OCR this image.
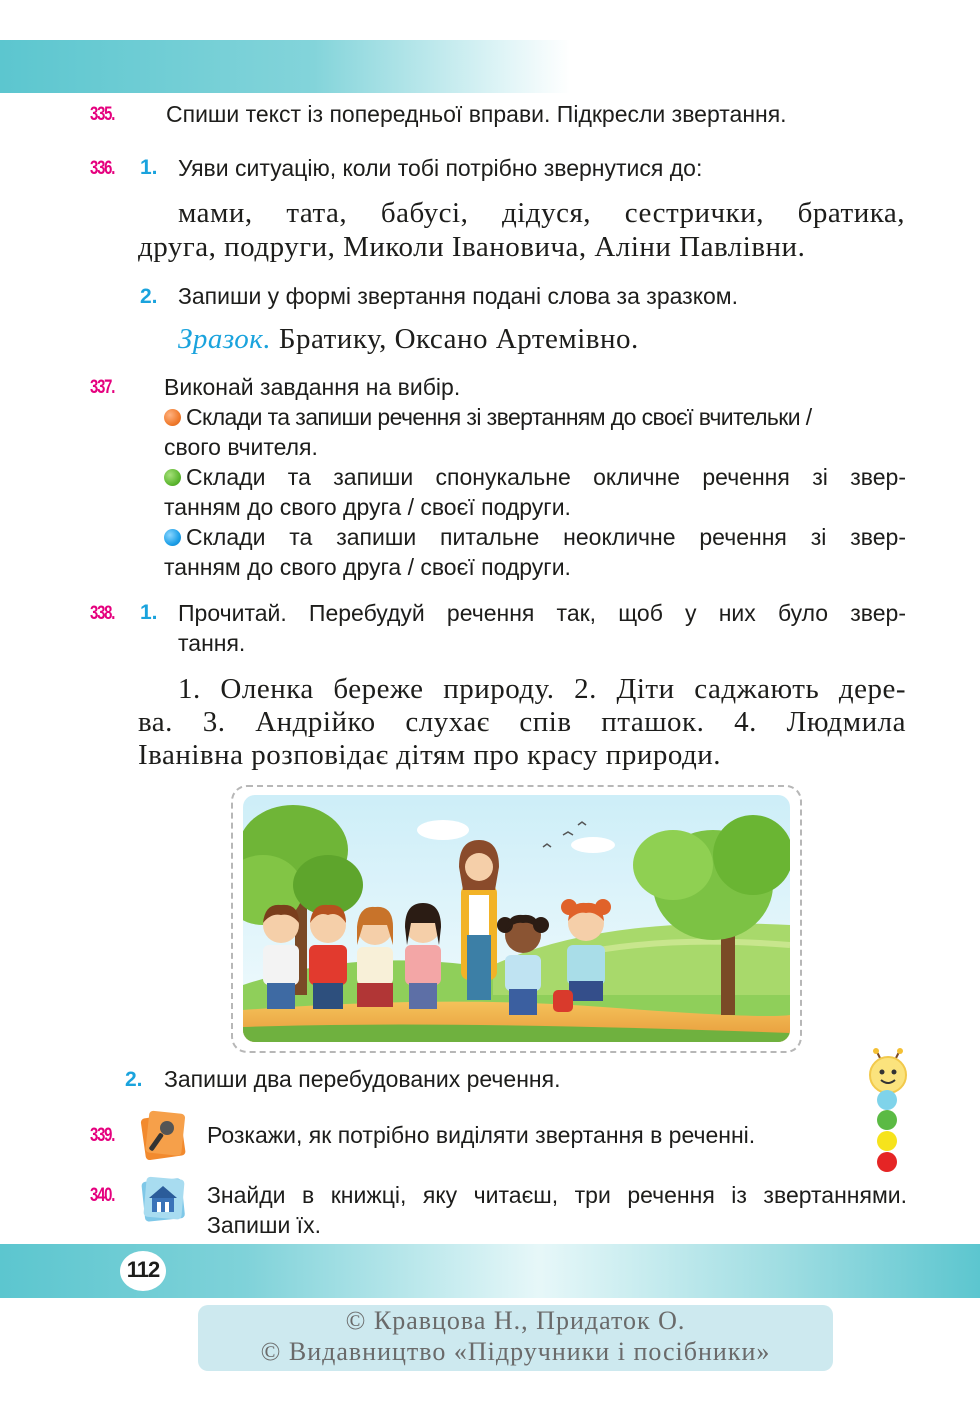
335. Спиши текст із попередньої вправи. Підкресли звертання.
336. 1. Уяви ситуацію, коли тобі потрібно звернутися до:
мами, тата, бабусі, дідуся, сестрички, братика,
друга, подруги, Миколи Івановича, Аліни Павлівни.
2. Запиши у формі звертання подані слова за зразком.
Зразок. Братику, Оксано Артемівно.
337. Виконай завдання на вибір.
Склади та запиши речення зі звертанням до своєї вчительки /
свого вчителя.
Склади та запиши спонукальне окличне речення зі звер-
танням до свого друга / своєї подруги.
Склади та запиши питальне неокличне речення зі звер-
танням до свого друга / своєї подруги.
338. 1. Прочитай. Перебудуй речення так, щоб у них було звер-
тання.
1. Оленка береже природу. 2. Діти саджають дере-
ва. 3. Андрійко слухає спів пташок. 4. Людмила
Іванівна розповідає дітям про красу природи.
2. Запиши два перебудованих речення.
339.	Розкажи, як потрібно виділяти звертання в реченні.
340.	Знайди в книжці, яку читаєш, три речення із звертаннями.
Запиши їх.
112
© Кравцова Н., Придаток О.
© Видавництво «Підручники і посібники»
